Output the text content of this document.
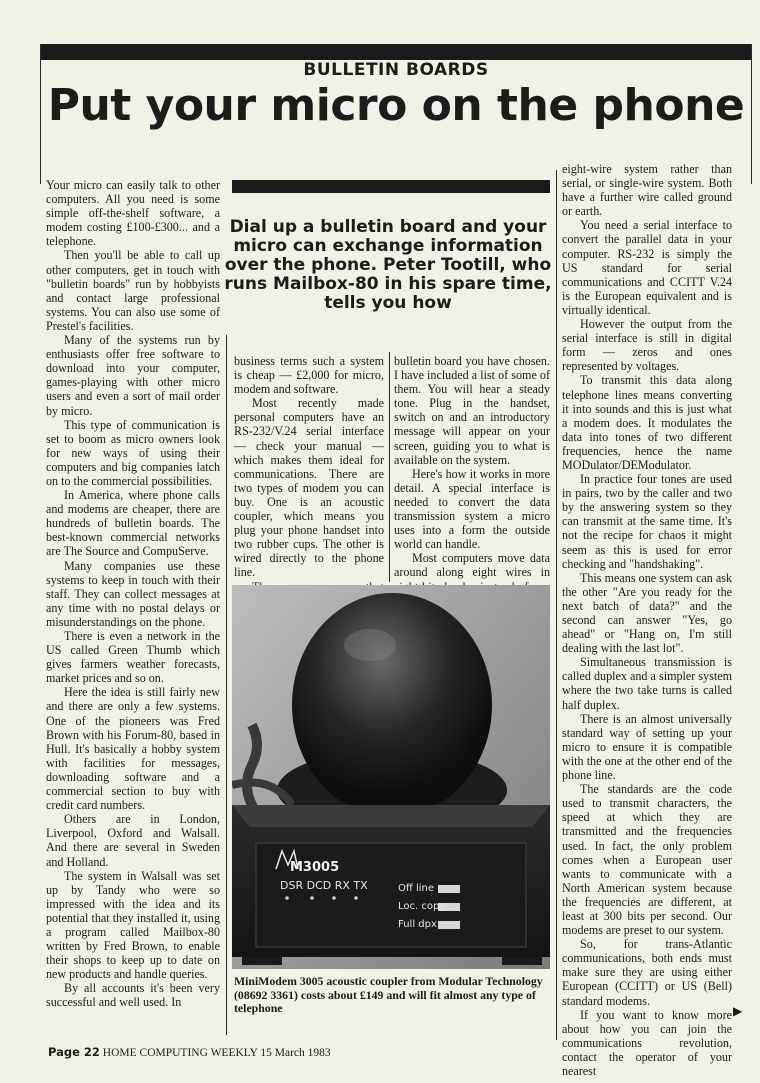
BULLETIN BOARDS
Put your micro on the phone
Dial up a bulletin board and your micro can exchange information over the phone. Peter Tootill, who runs Mailbox-80 in his spare time, tells you how

Your micro can easily talk to other computers. All you need is some simple off-the-shelf software, a modem costing £100-£300... and a telephone.

Then you'll be able to call up other computers, get in touch with "bulletin boards" run by hobbyists and contact large professional systems. You can also use some of Prestel's facilities.

Many of the systems run by enthusiasts offer free software to download into your computer, games-playing with other micro users and even a sort of mail order by micro.

This type of communication is set to boom as micro owners look for new ways of using their computers and big companies latch on to the commercial possibilities.

In America, where phone calls and modems are cheaper, there are hundreds of bulletin boards. The best-known commercial networks are The Source and CompuServe.

Many companies use these systems to keep in touch with their staff. They can collect messages at any time with no postal delays or misunderstandings on the phone.

There is even a network in the US called Green Thumb which gives farmers weather forecasts, market prices and so on.

Here the idea is still fairly new and there are only a few systems. One of the pioneers was Fred Brown with his Forum-80, based in Hull. It's basically a hobby system with facilities for messages, downloading software and a commercial section to buy with credit card numbers.

Others are in London, Liverpool, Oxford and Walsall. And there are several in Sweden and Holland.

The system in Walsall was set up by Tandy who were so impressed with the idea and its potential that they installed it, using a program called Mailbox-80 written by Fred Brown, to enable their shops to keep up to date on new products and handle queries.

By all accounts it's been very successful and well used. In

business terms such a system is cheap — £2,000 for micro, modem and software.

Most recently made personal computers have an RS-232/V.24 serial interface — check your manual — which makes them ideal for communications. There are two types of modem you can buy. One is an acoustic coupler, which means you plug your phone handset into two rubber cups. The other is wired directly to the phone line.

bulletin board you have chosen. I have included a list of some of them. You will hear a steady tone. Plug in the handset, switch on and an introductory message will appear on your screen, guiding you to what is available on the system.

Here's how it works in more detail. A special interface is needed to convert the data transmission system a micro uses into a form the outside world can handle.

Most computers move data around along eight wires in

eight-wire system rather than serial, or single-wire system. Both have a further wire called ground or earth.

You need a serial interface to convert the parallel data in your computer. RS-232 is simply the US standard for serial communications and CCITT V.24 is the European equivalent and is virtually identical.

However the output from the serial interface is still in digital form — zeros and ones represented by voltages.

To transmit this data along telephone lines means converting it into sounds and this is just what a modem does. It modulates the data into tones of two different frequencies, hence the name MODulator/DEModulator.

In practice four tones are used in pairs, two by the caller and two by the answering system so they can transmit at the same time. It's not the recipe for chaos it might seem as this is used for error checking and "handshaking".

This means one system can ask the other "Are you ready for the next batch of data?" and the second can answer "Yes, go ahead" or "Hang on, I'm still dealing with the last lot".

Simultaneous transmission is called duplex and a simpler system where the two take turns is called half duplex.

There is an almost universally standard way of setting up your micro to ensure it is compatible with the one at the other end of the phone line.

The standards are the code used to transmit characters, the speed at which they are transmitted and the frequencies used. In fact, the only problem comes when a European user wants to communicate with a North American system because the frequencies are different, at least at 300 bits per second. Our modems are preset to our system.

So, for trans-Atlantic communications, both ends must make sure they are using either European (CCITT) or US (Bell) standard modems.

If you want to know more about how you can join the communications revolution, contact the operator of your nearest

▶
M3005
DSR DCD RX TX	Off line
Loc. copy
Full dpx
MiniModem 3005 acoustic coupler from Modular Technology (08692 3361) costs about £149 and will fit almost any type of telephone
Page 22 HOME COMPUTING WEEKLY 15 March 1983
